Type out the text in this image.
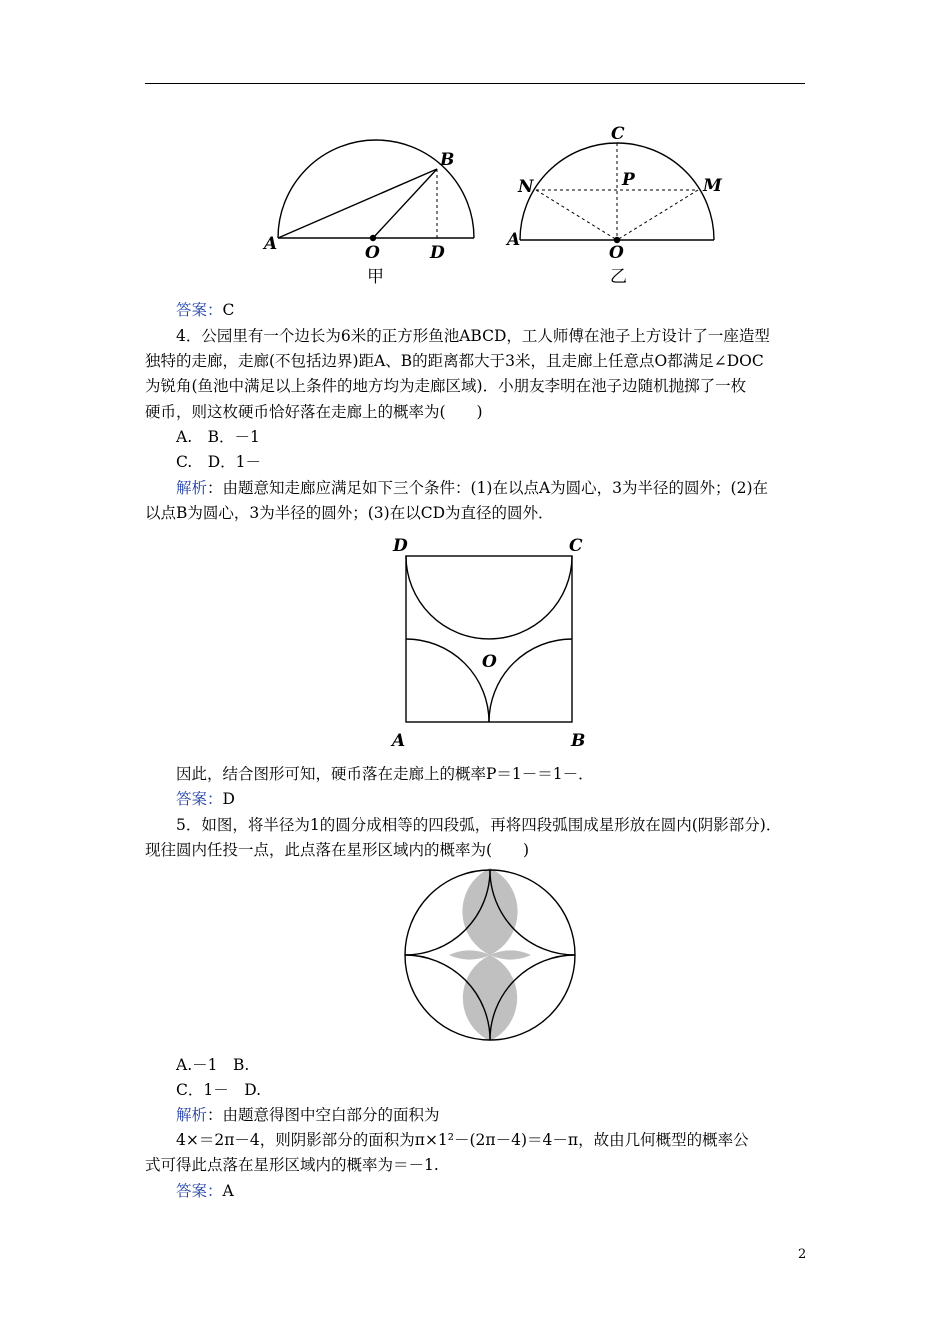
A
B
O	D
甲
C
N	P	M
A
O
乙
答案：C
4．公园里有一个边长为6米的正方形鱼池ABCD，工人师傅在池子上方设计了一座造型
独特的走廊，走廊(不包括边界)距A、B的距离都大于3米，且走廊上任意点O都满足∠DOC
为锐角(鱼池中满足以上条件的地方均为走廊区域)．小朋友李明在池子边随机抛掷了一枚
硬币，则这枚硬币恰好落在走廊上的概率为(　　)
A.　B．－1
C.　D．1－
解析：由题意知走廊应满足如下三个条件：(1)在以点A为圆心，3为半径的圆外；(2)在
以点B为圆心，3为半径的圆外；(3)在以CD为直径的圆外．
D	C
O
A	B
因此，结合图形可知，硬币落在走廊上的概率P＝1－＝1－．
答案：D
5．如图，将半径为1的圆分成相等的四段弧，再将四段弧围成星形放在圆内(阴影部分)．
现往圆内任投一点，此点落在星形区域内的概率为(　　)
A.－1　B.
C．1－　D.
解析：由题意得图中空白部分的面积为
4×＝2π－4，则阴影部分的面积为π×1²－(2π－4)＝4－π，故由几何概型的概率公
式可得此点落在星形区域内的概率为＝－1.
答案：A
2
